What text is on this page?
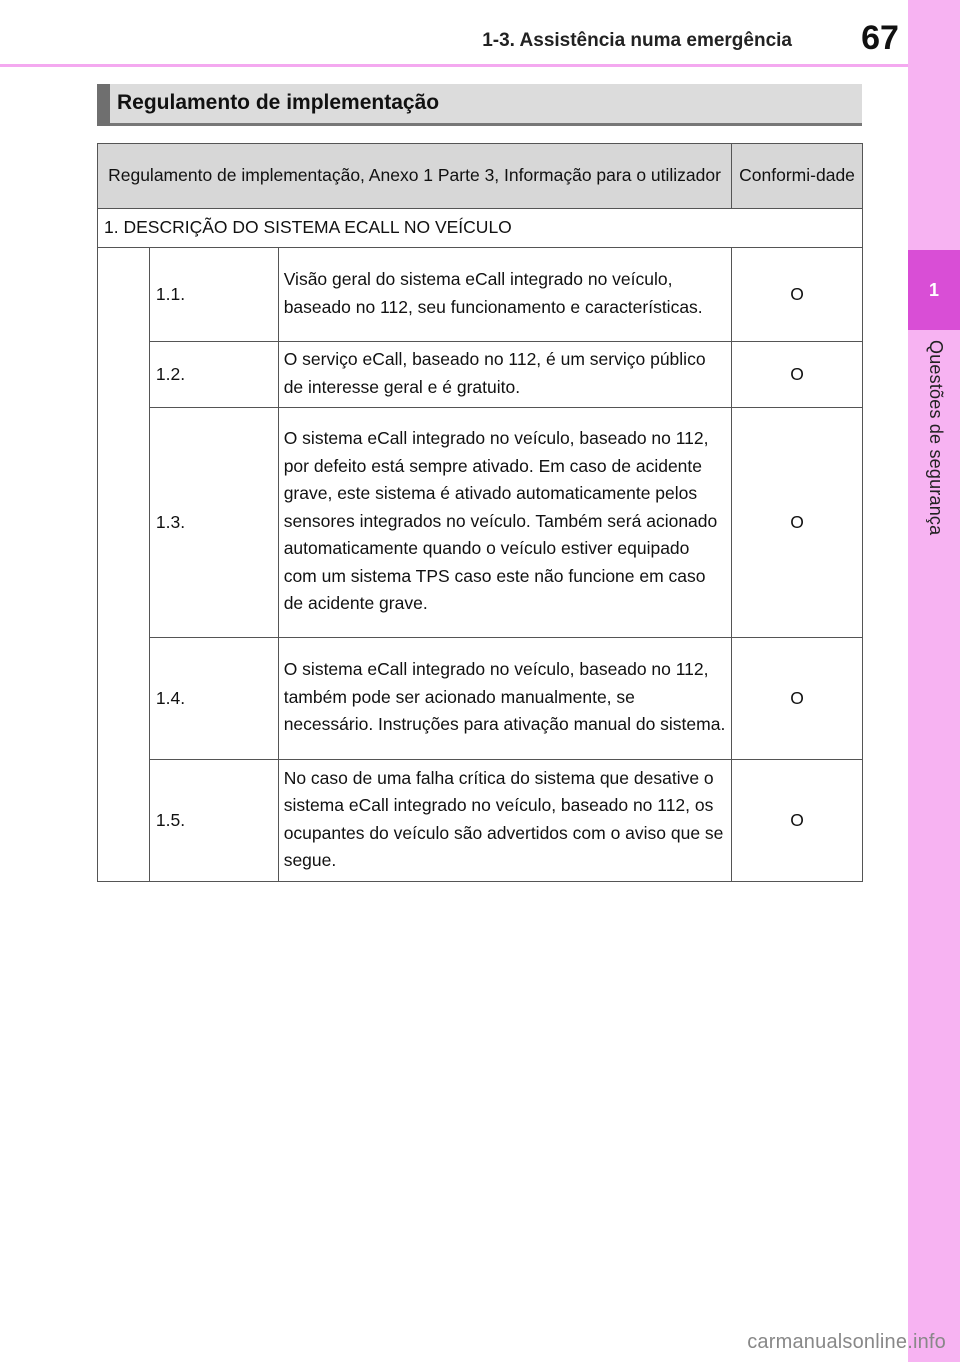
1-3. Assistência numa emergência 67
1
Questões de segurança
Regulamento de implementação
Regulamento de implementação, Anexo 1 Parte 3, Informação para o utilizador			Conformi-dade
1. DESCRIÇÃO DO SISTEMA ECALL NO VEÍCULO			
	1.1.	Visão geral do sistema eCall integrado no veículo, baseado no 112, seu funcionamento e características.	O
	1.2.	O serviço eCall, baseado no 112, é um serviço público de interesse geral e é gratuito.	O
	1.3.	O sistema eCall integrado no veículo, baseado no 112, por defeito está sempre ativado. Em caso de acidente grave, este sistema é ativado automaticamente pelos sensores integrados no veículo. Também será acionado automaticamente quando o veículo estiver equipado com um sistema TPS caso este não funcione em caso de acidente grave.	O
	1.4.	O sistema eCall integrado no veículo, baseado no 112, também pode ser acionado manualmente, se necessário. Instruções para ativação manual do sistema.	O
	1.5.	No caso de uma falha crítica do sistema que desative o sistema eCall integrado no veículo, baseado no 112, os ocupantes do veículo são advertidos com o aviso que se segue.	O
carmanualsonline.info
